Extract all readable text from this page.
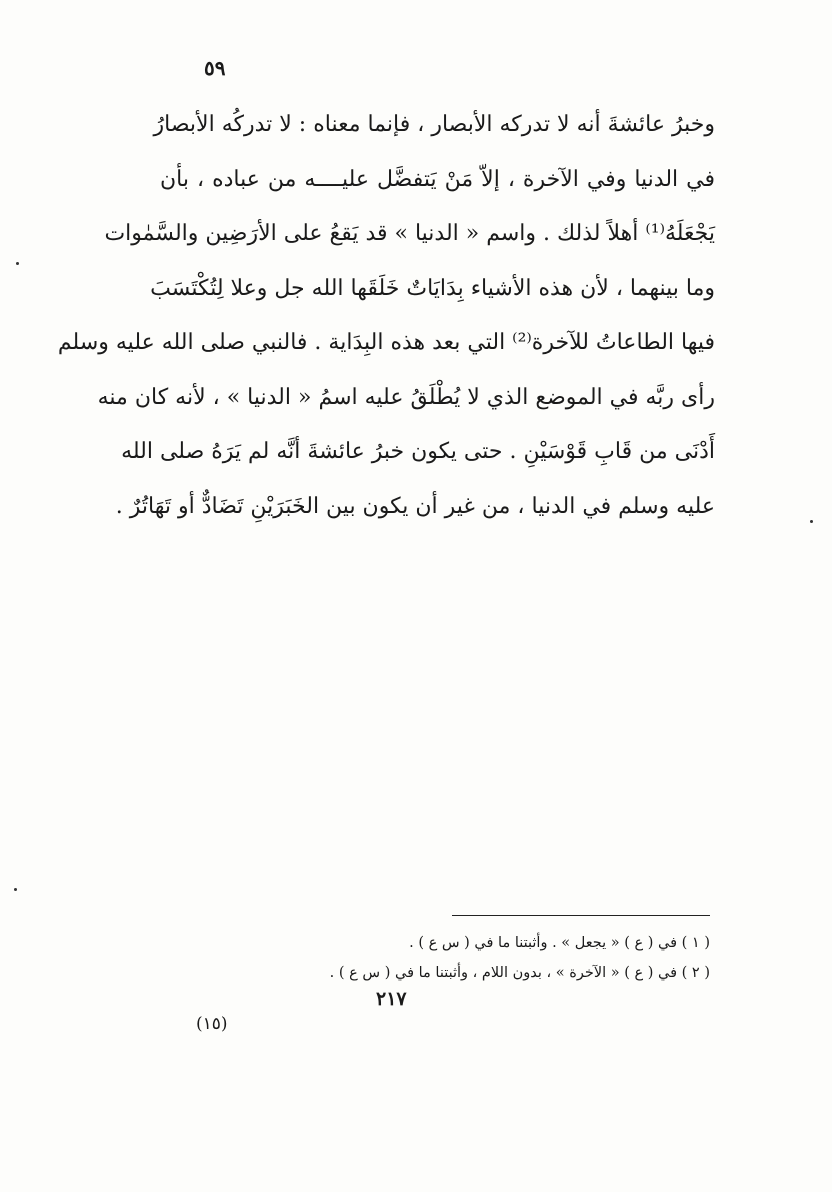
٥٩
وخبرُ عائشةَ أنه لا تدركه الأبصار ، فإنما معناه : لا تدركُه الأبصارُ
في الدنيا وفي الآخرة ، إلاّ مَنْ يَتفضَّل عليــــه من عباده ، بأن
يَجْعَلَهُ⁽¹⁾ أهلاً لذلك . واسم « الدنيا » قد يَقعُ على الأرَضِين والسَّمٰوات
وما بينهما ، لأن هذه الأشياء بِدَايَاتٌ خَلَقَها الله جل وعلا لِتُكْتَسَبَ
فيها الطاعاتُ للآخرة⁽²⁾ التي بعد هذه البِدَاية . فالنبي صلى الله عليه وسلم
رأى ربَّه في الموضع الذي لا يُطْلَقُ عليه اسمُ « الدنيا » ، لأنه كان منه
أَدْنَى من قَابِ قَوْسَيْنِ . حتى يكون خبرُ عائشةَ أنَّه لم يَرَهُ صلى الله
عليه وسلم في الدنيا ، من غير أن يكون بين الخَبَرَيْنِ تَضَادٌّ أو تَهَاتُرٌ .
( ١ ) في ( ع ) « يجعل » . وأثبتنا ما في ( س ع ) .
( ٢ ) في ( ع ) « الآخرة » ، بدون اللام ، وأثبتنا ما في ( س ع ) .
٢١٧
(١٥)
